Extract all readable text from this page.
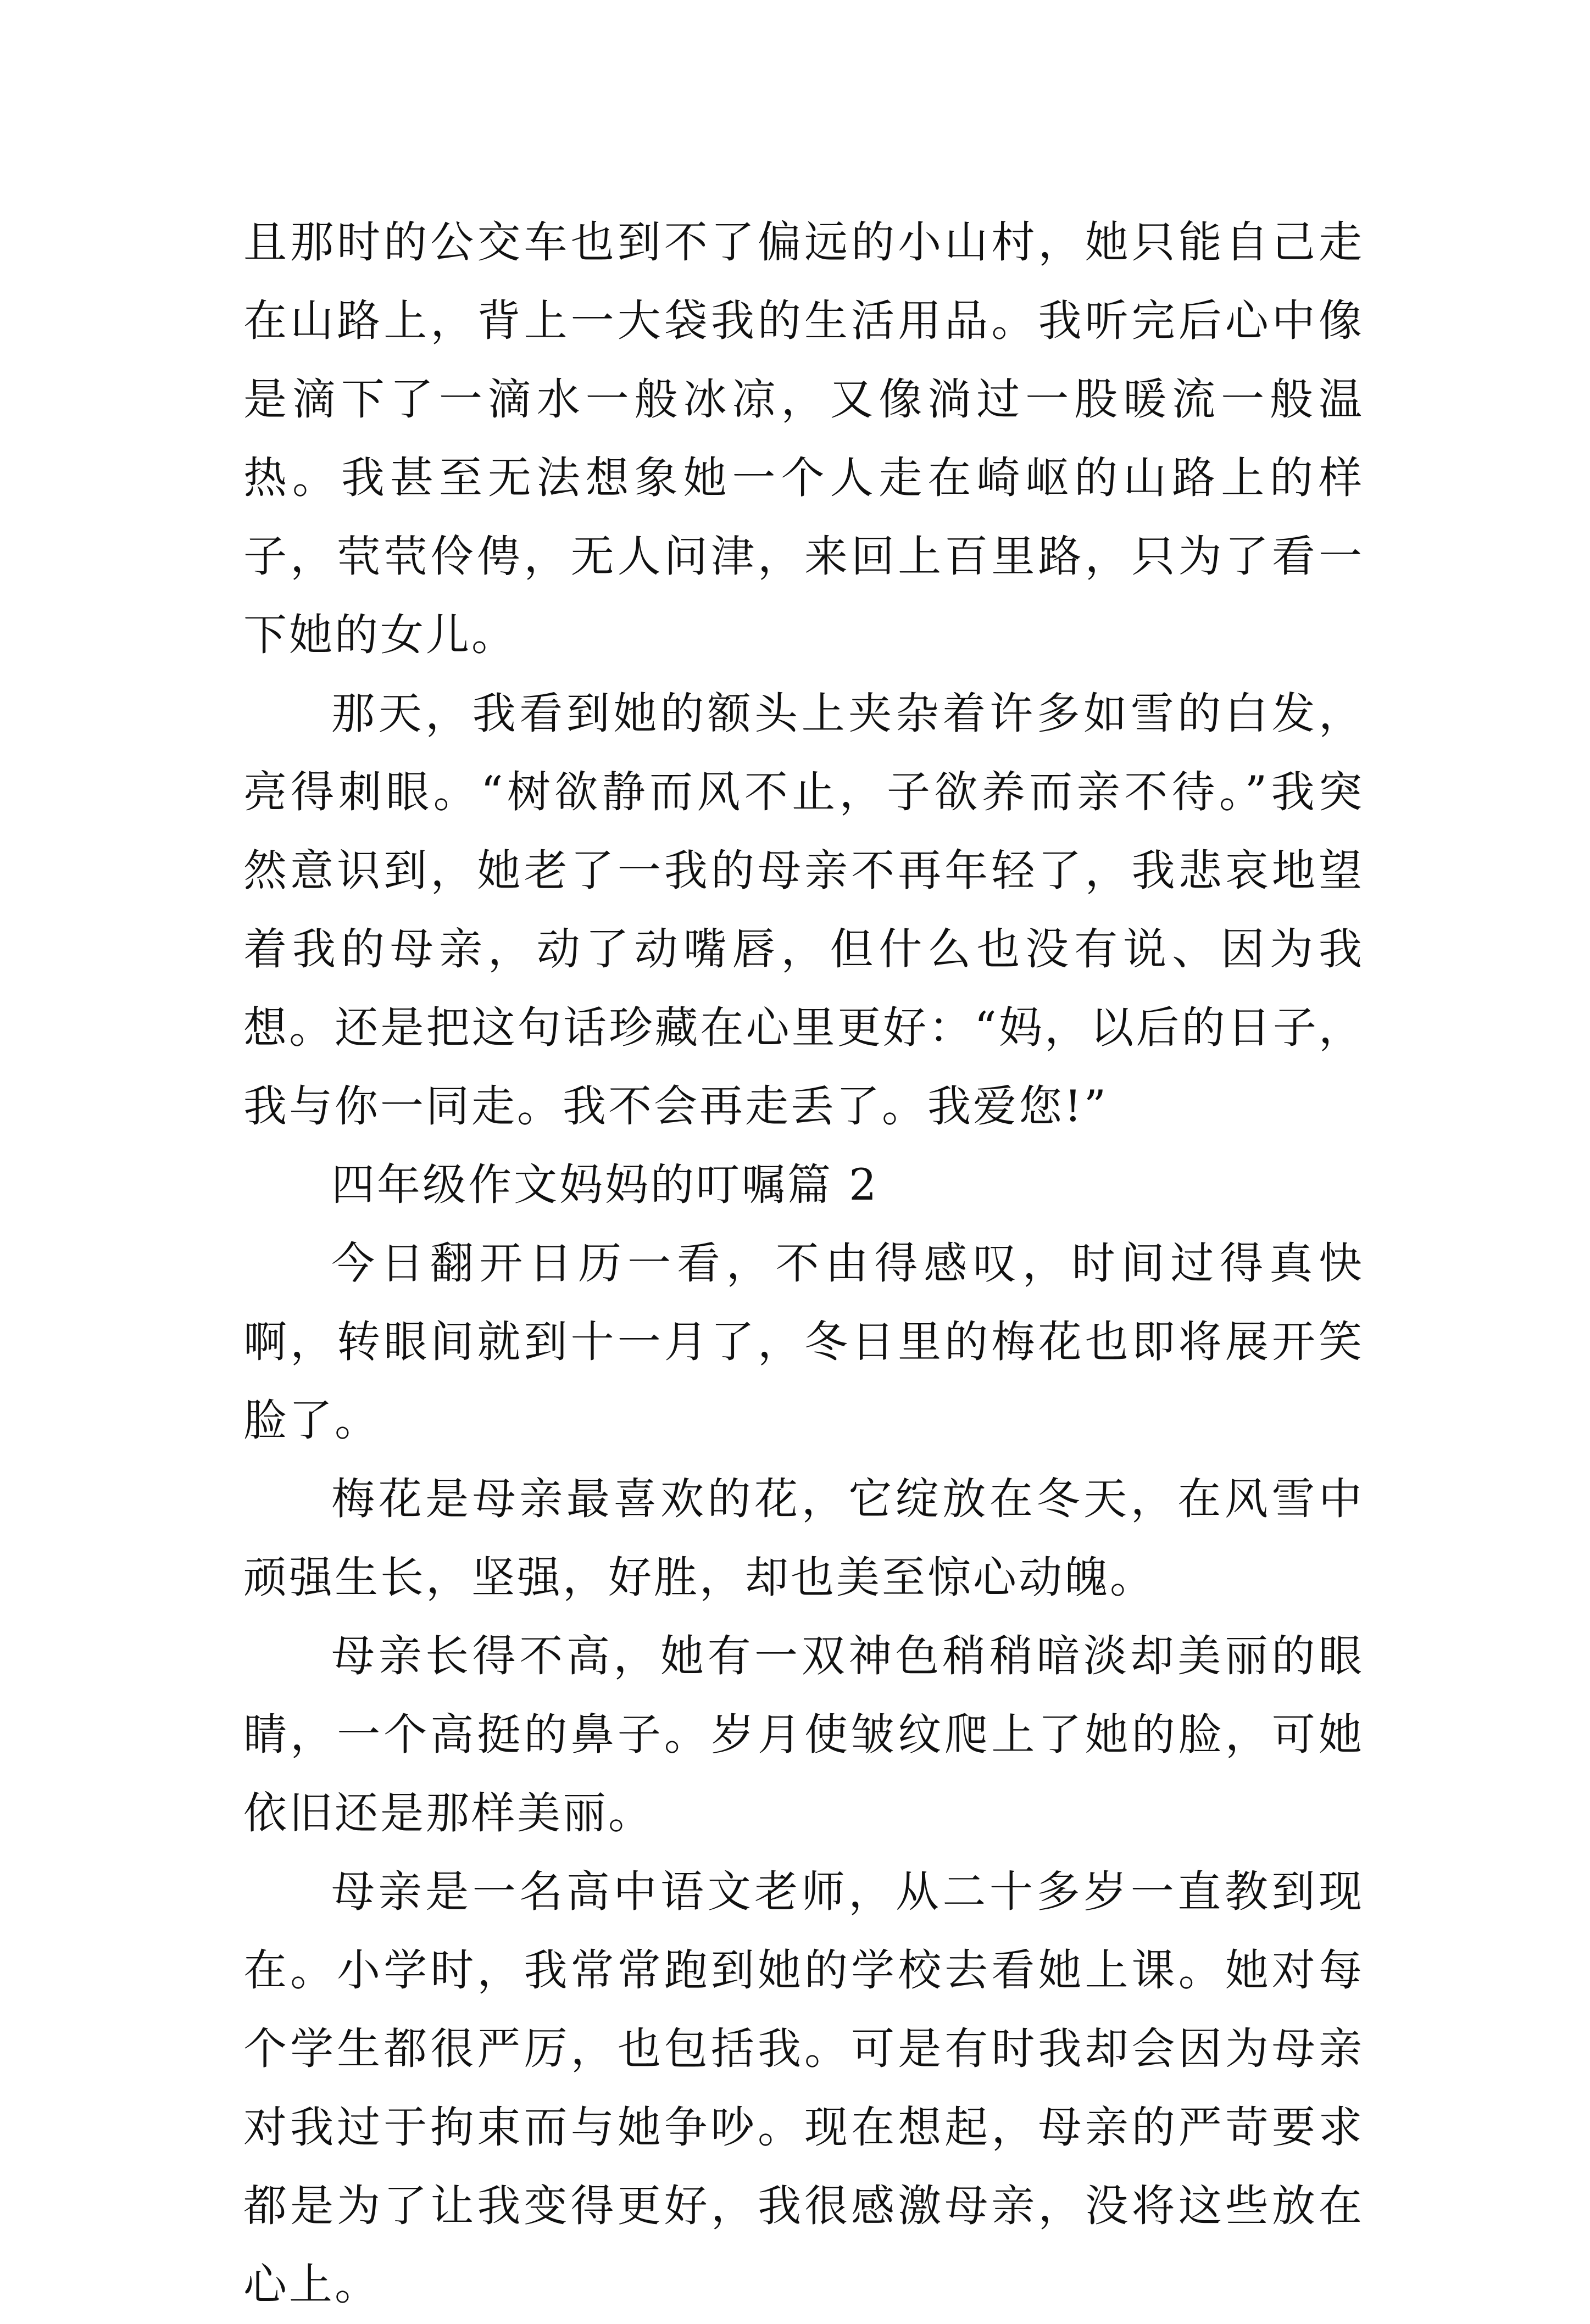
且那时的公交车也到不了偏远的小山村，她只能自己走在山路上，背上一大袋我的生活用品。我听完后心中像是滴下了一滴水一般冰凉，又像淌过一股暖流一般温热。我甚至无法想象她一个人走在崎岖的山路上的样子，茕茕伶俜，无人问津，来回上百里路，只为了看一下她的女儿。

那天，我看到她的额头上夹杂着许多如雪的白发，亮得刺眼。“树欲静而风不止，子欲养而亲不待。”我突然意识到，她老了一我的母亲不再年轻了，我悲哀地望着我的母亲，动了动嘴唇，但什么也没有说、因为我想。还是把这句话珍藏在心里更好：“妈，以后的日子，我与你一同走。我不会再走丢了。我爱您!”

四年级作文妈妈的叮嘱篇 2

今日翻开日历一看，不由得感叹，时间过得真快啊，转眼间就到十一月了，冬日里的梅花也即将展开笑脸了。

梅花是母亲最喜欢的花，它绽放在冬天，在风雪中顽强生长，坚强，好胜，却也美至惊心动魄。

母亲长得不高，她有一双神色稍稍暗淡却美丽的眼睛，一个高挺的鼻子。岁月使皱纹爬上了她的脸，可她依旧还是那样美丽。

母亲是一名高中语文老师，从二十多岁一直教到现在。小学时，我常常跑到她的学校去看她上课。她对每个学生都很严厉，也包括我。可是有时我却会因为母亲对我过于拘束而与她争吵。现在想起，母亲的严苛要求都是为了让我变得更好，我很感激母亲，没将这些放在心上。
